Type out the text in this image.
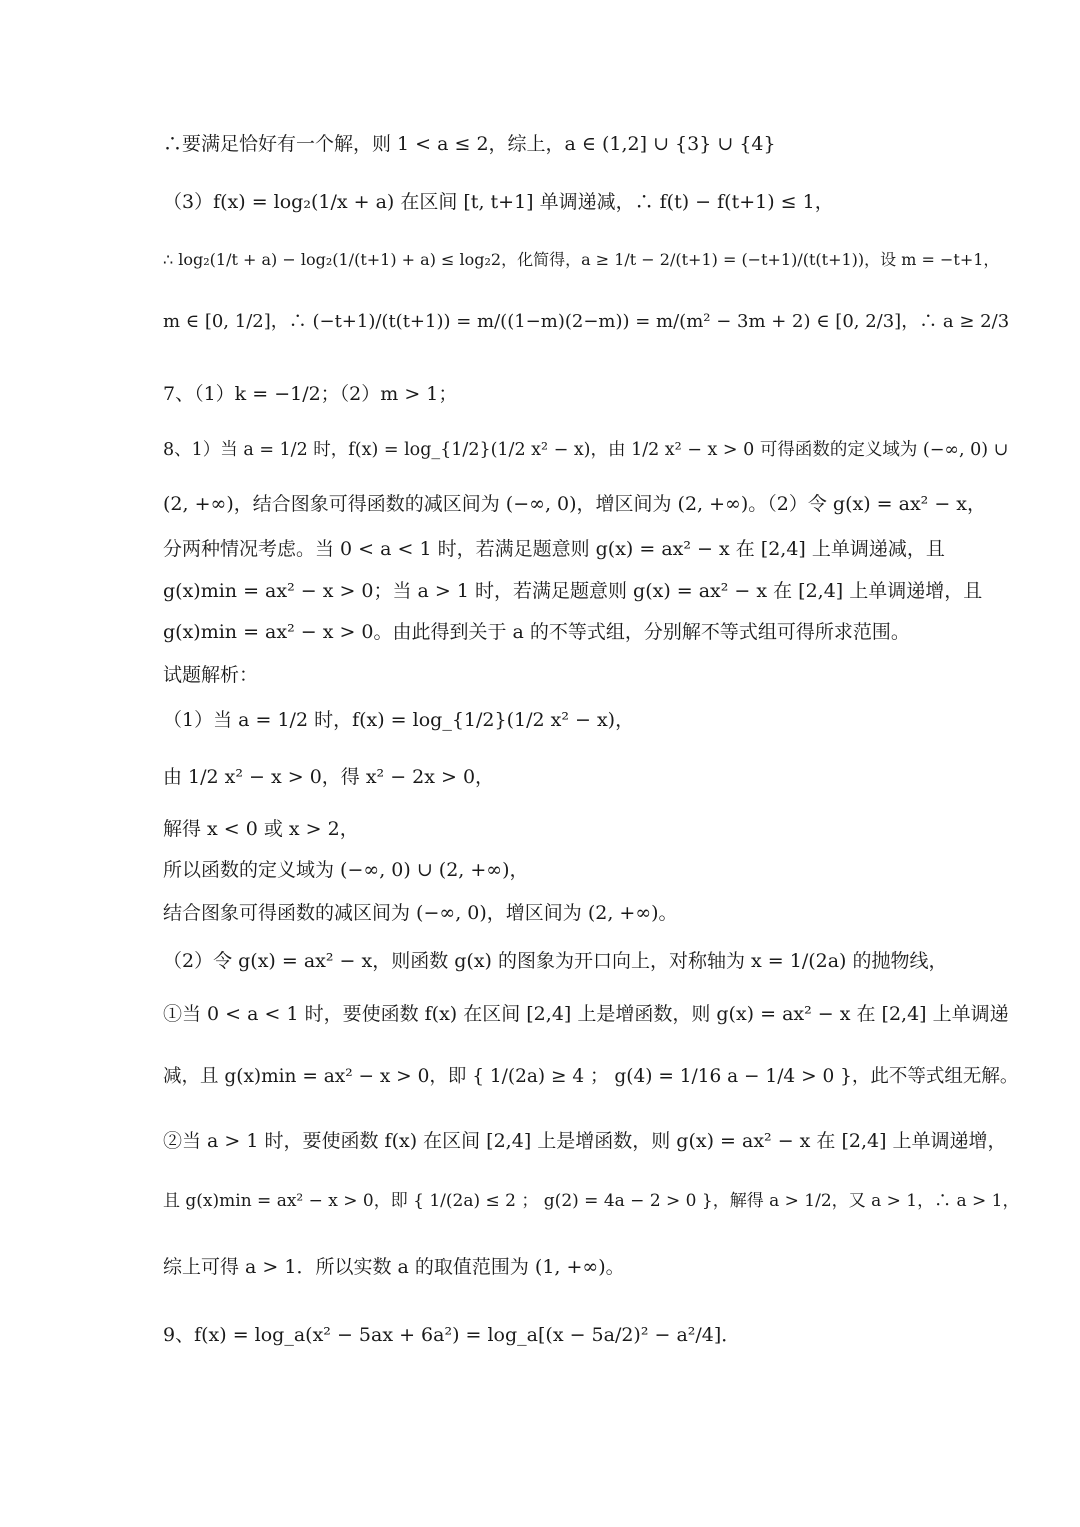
∴要满足恰好有一个解，则 1 < a ≤ 2，综上，a ∈ (1,2] ∪ {3} ∪ {4}
（3）f(x) = log₂(1/x + a) 在区间 [t, t+1] 单调递减，∴ f(t) − f(t+1) ≤ 1，
∴ log₂(1/t + a) − log₂(1/(t+1) + a) ≤ log₂2，化简得，a ≥ 1/t − 2/(t+1) = (−t+1)/(t(t+1))，设 m = −t+1，
m ∈ [0, 1/2]，∴ (−t+1)/(t(t+1)) = m/((1−m)(2−m)) = m/(m² − 3m + 2) ∈ [0, 2/3]，∴ a ≥ 2/3
7、（1）k = −1/2；（2）m > 1；
8、1）当 a = 1/2 时，f(x) = log_{1/2}(1/2 x² − x)，由 1/2 x² − x > 0 可得函数的定义域为 (−∞, 0) ∪
(2, +∞)，结合图象可得函数的减区间为 (−∞, 0)，增区间为 (2, +∞)。（2）令 g(x) = ax² − x，
分两种情况考虑。当 0 < a < 1 时，若满足题意则 g(x) = ax² − x 在 [2,4] 上单调递减，且
g(x)min = ax² − x > 0；当 a > 1 时，若满足题意则 g(x) = ax² − x 在 [2,4] 上单调递增，且
g(x)min = ax² − x > 0。由此得到关于 a 的不等式组，分别解不等式组可得所求范围。
试题解析：
（1）当 a = 1/2 时，f(x) = log_{1/2}(1/2 x² − x)，
由 1/2 x² − x > 0，得 x² − 2x > 0，
解得 x < 0 或 x > 2，
所以函数的定义域为 (−∞, 0) ∪ (2, +∞)，
结合图象可得函数的减区间为 (−∞, 0)，增区间为 (2, +∞)。
（2）令 g(x) = ax² − x，则函数 g(x) 的图象为开口向上，对称轴为 x = 1/(2a) 的抛物线，
①当 0 < a < 1 时，要使函数 f(x) 在区间 [2,4] 上是增函数，则 g(x) = ax² − x 在 [2,4] 上单调递
减，且 g(x)min = ax² − x > 0，即 { 1/(2a) ≥ 4 ； g(4) = 1/16 a − 1/4 > 0 }，此不等式组无解。
②当 a > 1 时，要使函数 f(x) 在区间 [2,4] 上是增函数，则 g(x) = ax² − x 在 [2,4] 上单调递增，
且 g(x)min = ax² − x > 0，即 { 1/(2a) ≤ 2 ； g(2) = 4a − 2 > 0 }，解得 a > 1/2，又 a > 1，∴ a > 1，
综上可得 a > 1．所以实数 a 的取值范围为 (1, +∞)。
9、f(x) = log_a(x² − 5ax + 6a²) = log_a[(x − 5a/2)² − a²/4]．
